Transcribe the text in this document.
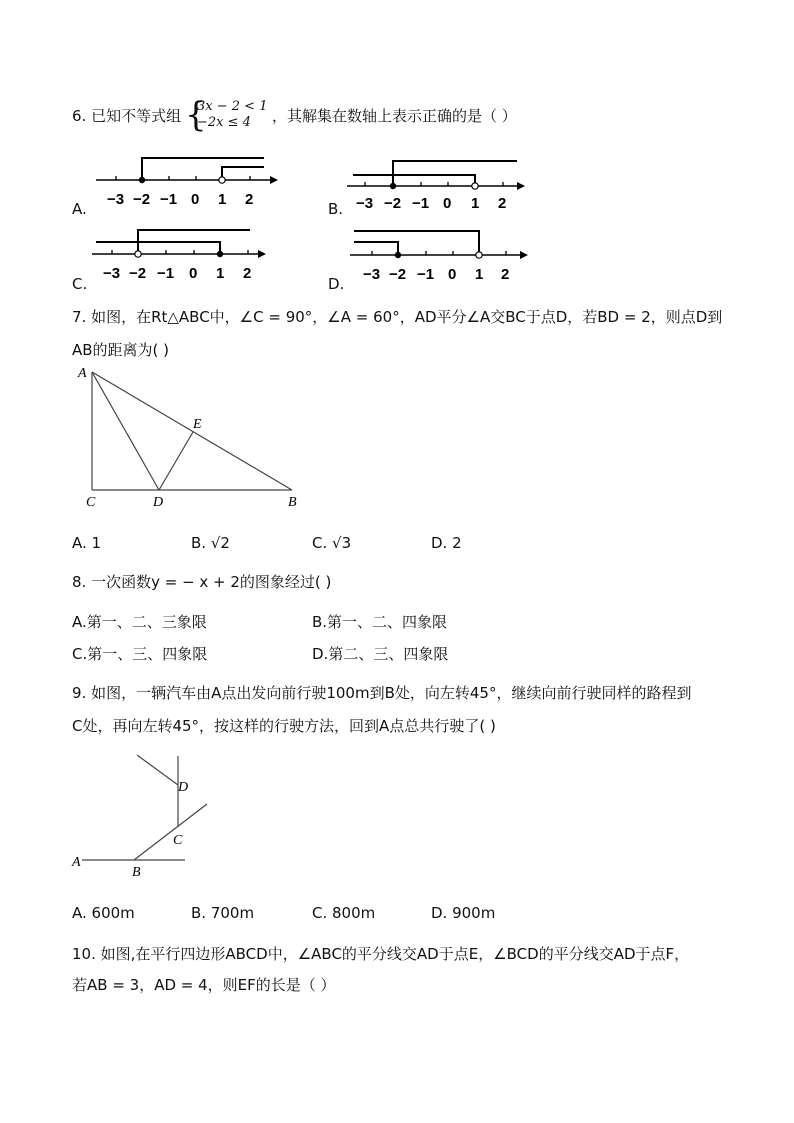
6. 已知不等式组 {
3x − 2 < 1
−2x ≤ 4 ，其解集在数轴上表示正确的是（ ）
A.
−3 −2 −1 0 1 2
B. −3 −2 −1 0 1 2
C.
−3 −2 −1 0 1 2
D.
−3 −2 −1 0 1 2
7. 如图，在Rt△ABC中，∠C = 90°，∠A = 60°，AD平分∠A交BC于点D，若BD = 2，则点D到
AB的距离为( )
A
C	D	B
E
A. 1	B. √2	C. √3	D. 2
8. 一次函数y = − x + 2的图象经过( )
A.第一、二、三象限	B.第一、二、四象限
C.第一、三、四象限	D.第二、三、四象限
9. 如图，一辆汽车由A点出发向前行驶100m到B处，向左转45°，继续向前行驶同样的路程到
C处，再向左转45°，按这样的行驶方法，回到A点总共行驶了( )
A
B
C
D
A. 600m	B. 700m	C. 800m	D. 900m
10. 如图,在平行四边形ABCD中，∠ABC的平分线交AD于点E，∠BCD的平分线交AD于点F，
若AB = 3，AD = 4，则EF的长是（ ）
